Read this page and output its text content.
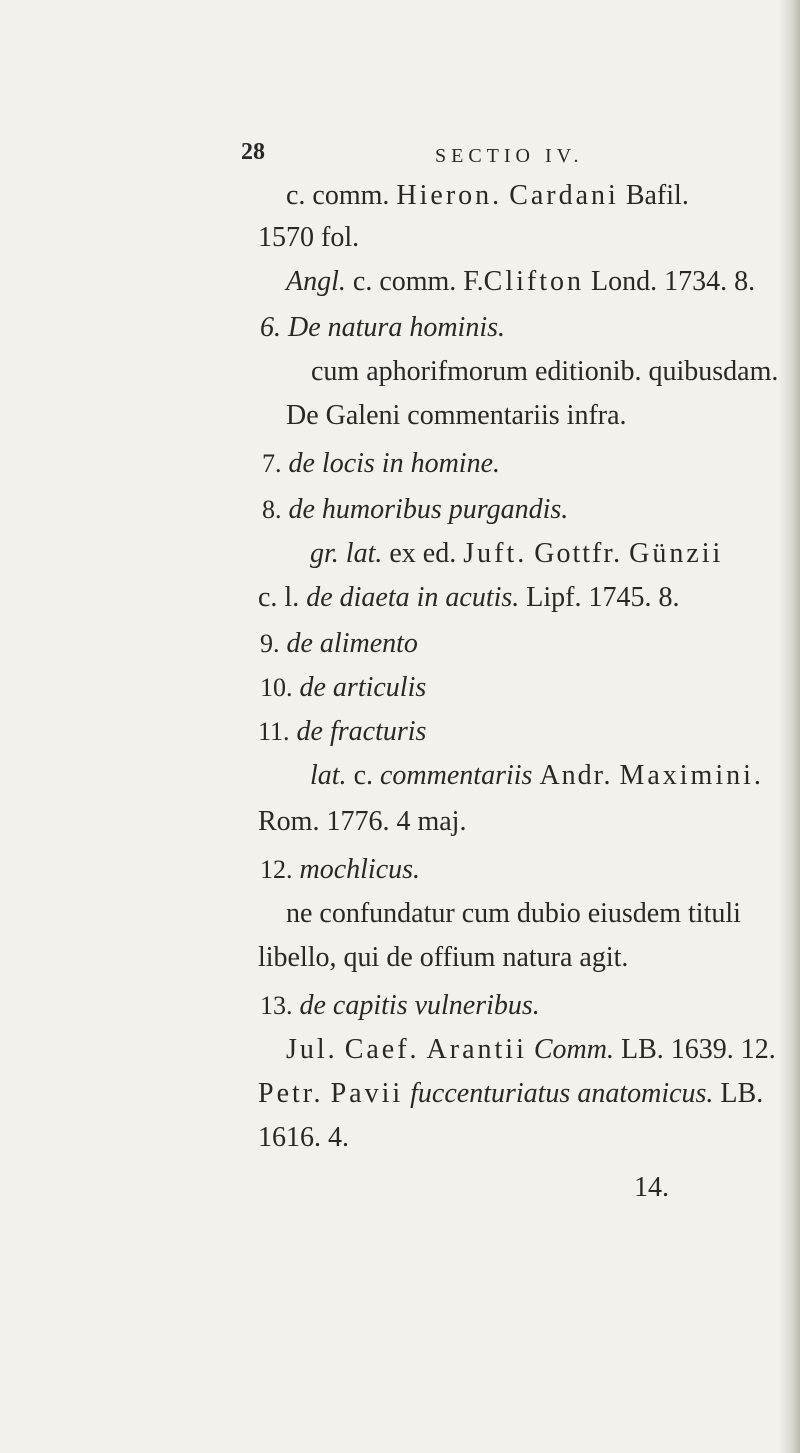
28	SECTIO IV.
c. comm. Hieron. Cardani Bafil.
1570 fol.
Angl. c. comm. F.Clifton Lond. 1734. 8.
6. De natura hominis.
cum aphorifmorum editionib. quibusdam.
De Galeni commentariis infra.
7. de locis in homine.
8. de humoribus purgandis.
gr. lat. ex ed. Juft. Gottfr. Günzii
c. l. de diaeta in acutis. Lipf. 1745. 8.
9. de alimento
10. de articulis
11. de fracturis
lat. c. commentariis Andr. Maximini.
Rom. 1776. 4 maj.
12. mochlicus.
ne confundatur cum dubio eiusdem tituli
libello, qui de offium natura agit.
13. de capitis vulneribus.
Jul. Caef. Arantii Comm. LB. 1639. 12.
Petr. Pavii fuccenturiatus anatomicus. LB.
1616. 4.
14.
